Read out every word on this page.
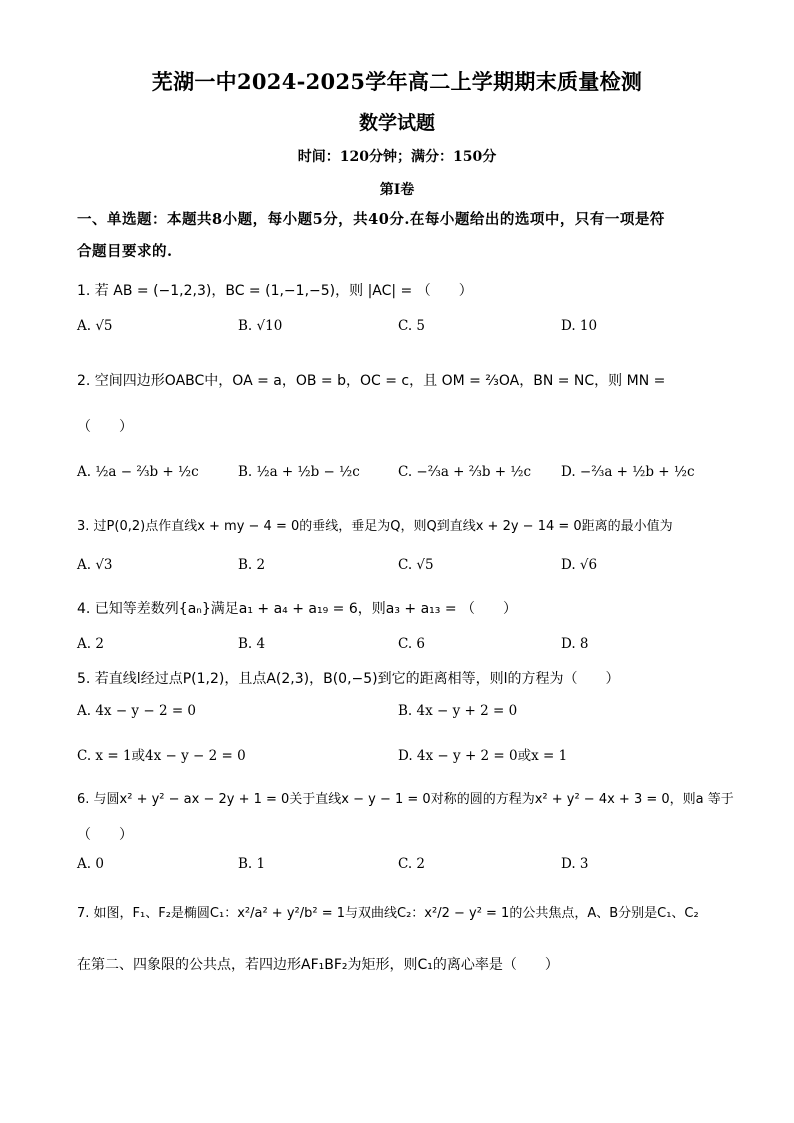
芜湖一中2024-2025学年高二上学期期末质量检测
数学试题
时间：120分钟；满分：150分
第I卷
一、单选题：本题共8小题，每小题5分，共40分.在每小题给出的选项中，只有一项是符
合题目要求的.
1. 若 AB = (−1,2,3)，BC = (1,−1,−5)，则 |AC| = （　　）
A. √5	B. √10	C. 5	D. 10
2. 空间四边形OABC中，OA = a，OB = b，OC = c，且 OM = ⅔OA，BN = NC，则 MN =
（　　）
A. ½a − ⅔b + ½c	B. ½a + ½b − ½c	C. −⅔a + ⅔b + ½c D. −⅔a + ½b + ½c
3. 过P(0,2)点作直线x + my − 4 = 0的垂线，垂足为Q，则Q到直线x + 2y − 14 = 0距离的最小值为
A. √3	B. 2	C. √5	D. √6
4. 已知等差数列{aₙ}满足a₁ + a₄ + a₁₉ = 6，则a₃ + a₁₃ = （　　）
A. 2	B. 4	C. 6	D. 8
5. 若直线l经过点P(1,2)，且点A(2,3)，B(0,−5)到它的距离相等，则l的方程为（　　）
A. 4x − y − 2 = 0	B. 4x − y + 2 = 0
C. x = 1或4x − y − 2 = 0	D. 4x − y + 2 = 0或x = 1
6. 与圆x² + y² − ax − 2y + 1 = 0关于直线x − y − 1 = 0对称的圆的方程为x² + y² − 4x + 3 = 0，则a 等于
（　　）
A. 0	B. 1	C. 2	D. 3
7. 如图，F₁、F₂是椭圆C₁：x²/a² + y²/b² = 1与双曲线C₂：x²/2 − y² = 1的公共焦点，A、B分别是C₁、C₂
在第二、四象限的公共点，若四边形AF₁BF₂为矩形，则C₁的离心率是（　　）
